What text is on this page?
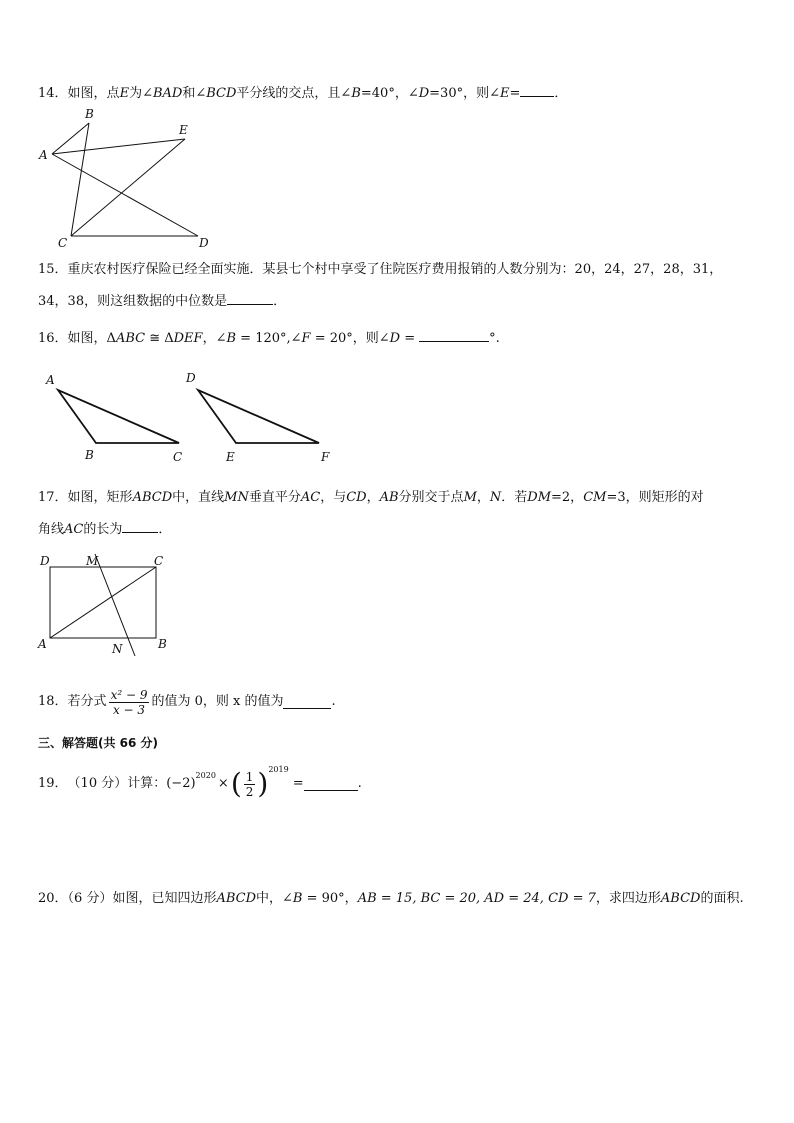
14．如图，点E为∠BAD和∠BCD平分线的交点，且∠B=40°，∠D=30°，则∠E=	．
A
B
E
C	D
15．重庆农村医疗保险已经全面实施．某县七个村中享受了住院医疗费用报销的人数分别为：20，24，27，28，31，
34，38，则这组数据的中位数是	．
16．如图，ΔABC ≅ ΔDEF，∠B = 120°,∠F = 20°，则∠D =	°.
A
B	C
D
E	F
17．如图，矩形ABCD中，直线MN垂直平分AC，与CD，AB分别交于点M，N．若DM=2，CM=3，则矩形的对
角线AC的长为	．
D	M	C
A	B
N
18． 若分式 $\frac{\text{x² − 9}}{x - 3}$ 的值为 0，则 x 的值为	.
三、解答题(共 66 分)
19． （10 分）计算： (−2)
$^{2020}$
× ( $\frac{1}{2} )^{2019}$
=	.
20．（6 分）如图，已知四边形ABCD中，∠B = 90°，AB = 15, BC = 20, AD = 24, CD = 7，求四边形ABCD的面积.
